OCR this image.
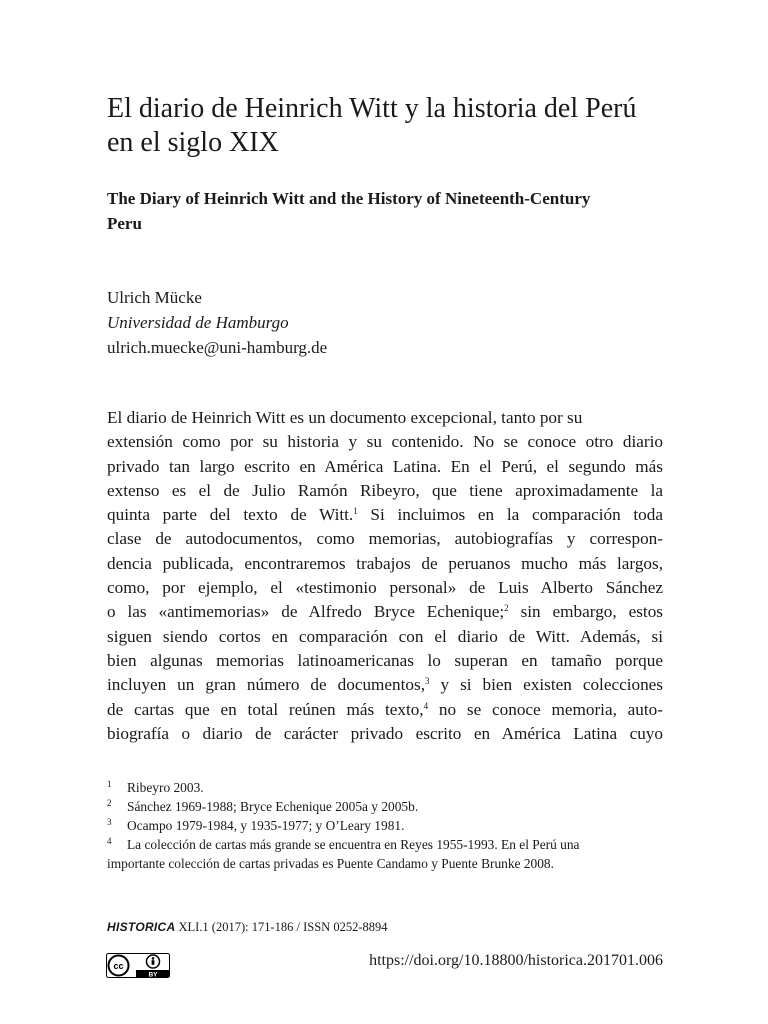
El diario de Heinrich Witt y la historia del Perú
en el siglo XIX
The Diary of Heinrich Witt and the History of Nineteenth-Century
Peru
Ulrich Mücke
Universidad de Hamburgo
ulrich.muecke@uni-hamburg.de
El diario de Heinrich Witt es un documento excepcional, tanto por su
extensión como por su historia y su contenido. No se conoce otro diario
privado tan largo escrito en América Latina. En el Perú, el segundo más
extenso es el de Julio Ramón Ribeyro, que tiene aproximadamente la
quinta parte del texto de Witt.$^1$ Si incluimos en la comparación toda
clase de autodocumentos, como memorias, autobiografías y correspon-
dencia publicada, encontraremos trabajos de peruanos mucho más largos,
como, por ejemplo, el «testimonio personal» de Luis Alberto Sánchez
o las «antimemorias» de Alfredo Bryce Echenique;$^2$ sin embargo, estos
siguen siendo cortos en comparación con el diario de Witt. Además, si
bien algunas memorias latinoamericanas lo superan en tamaño porque
incluyen un gran número de documentos,$^3$ y si bien existen colecciones
de cartas que en total reúnen más texto,$^4$ no se conoce memoria, auto-
biografía o diario de carácter privado escrito en América Latina cuyo
1 Ribeyro 2003.
2 Sánchez 1969-1988; Bryce Echenique 2005a y 2005b.
3 Ocampo 1979-1984, y 1935-1977; y O’Leary 1981.
4 La colección de cartas más grande se encuentra en Reyes 1955-1993. En el Perú una
importante colección de cartas privadas es Puente Candamo y Puente Brunke 2008.
HISTORICA XLI.1 (2017): 171-186 / ISSN 0252-8894
cc
BY
https://doi.org/10.18800/historica.201701.006
